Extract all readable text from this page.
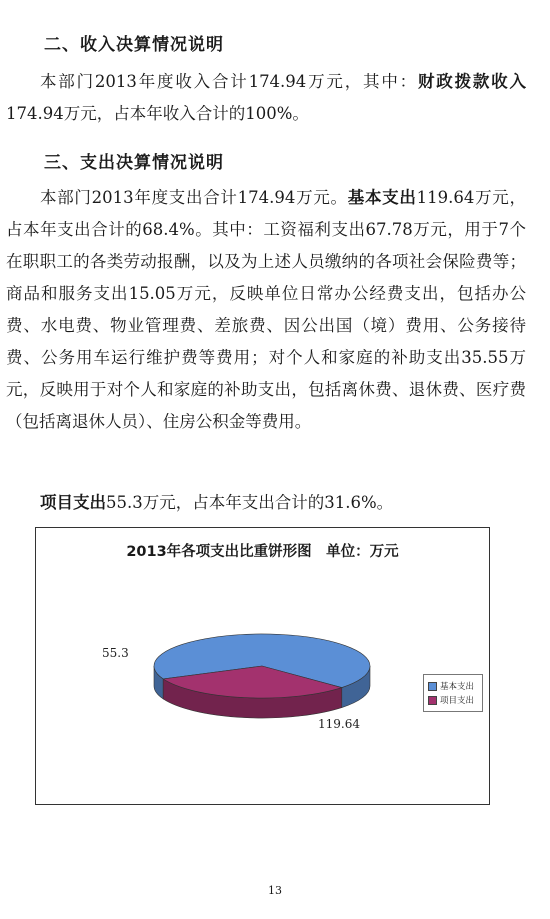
二、收入决算情况说明
本部门2013年度收入合计174.94万元，其中：财政拨款收入174.94万元，占本年收入合计的100%。
三、支出决算情况说明
本部门2013年度支出合计174.94万元。基本支出119.64万元，占本年支出合计的68.4%。其中：工资福利支出67.78万元，用于7个在职职工的各类劳动报酬，以及为上述人员缴纳的各项社会保险费等；商品和服务支出15.05万元，反映单位日常办公经费支出，包括办公费、水电费、物业管理费、差旅费、因公出国（境）费用、公务接待费、公务用车运行维护费等费用；对个人和家庭的补助支出35.55万元，反映用于对个人和家庭的补助支出，包括离休费、退休费、医疗费（包括离退休人员）、住房公积金等费用。
项目支出55.3万元，占本年支出合计的31.6%。
2013年各项支出比重饼形图　单位：万元
55.3
119.64
基本支出
项目支出
13
